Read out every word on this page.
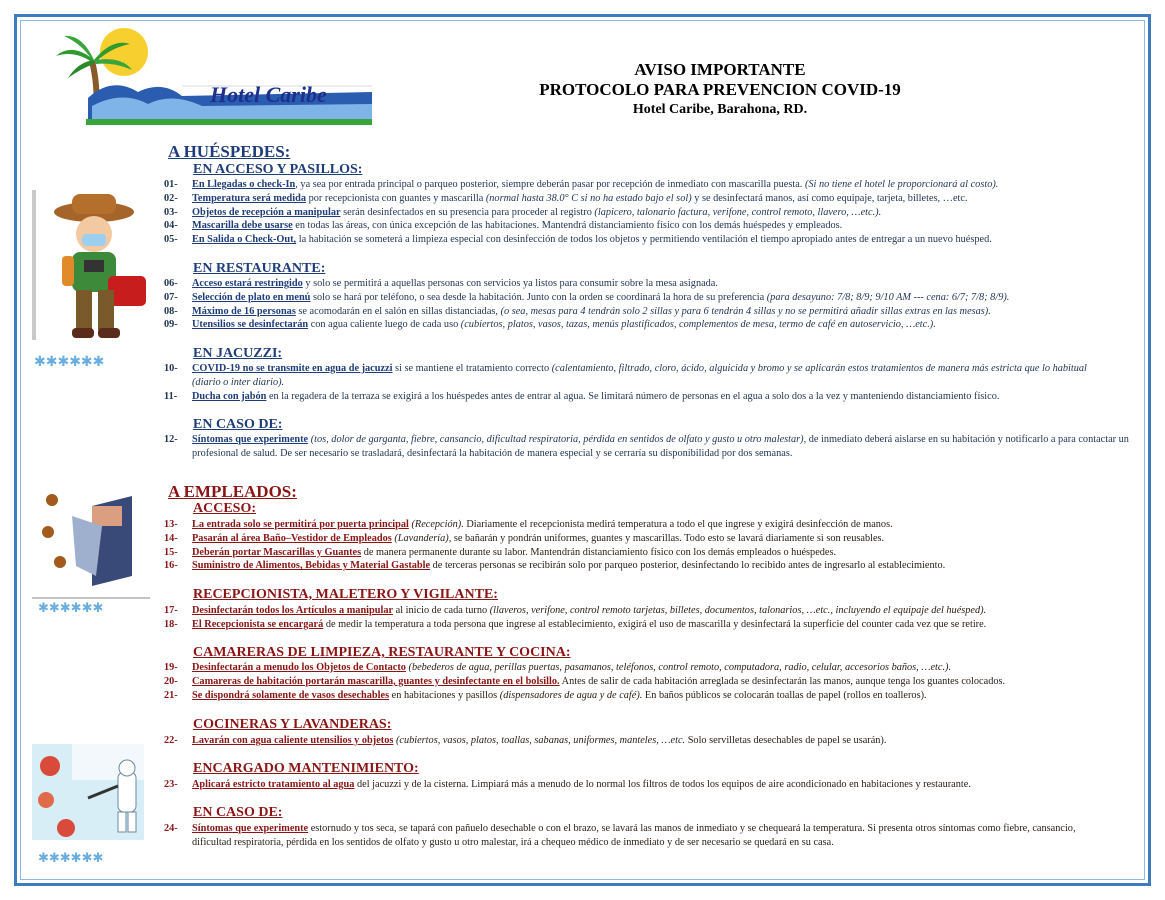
Hotel Caribe
AVISO IMPORTANTE
PROTOCOLO PARA PREVENCION COVID-19
Hotel Caribe, Barahona, RD.
✱✱✱✱✱✱
✱✱✱✱✱✱
✱✱✱✱✱✱
A HUÉSPEDES:
EN ACCESO Y PASILLOS:
01-	En Llegadas o check-In, ya sea por entrada principal o parqueo posterior, siempre deberán pasar por recepción de inmediato con mascarilla puesta. (Si no tiene el hotel le proporcionará al costo).
02-	Temperatura será medida por recepcionista con guantes y mascarilla (normal hasta 38.0° C si no ha estado bajo el sol) y se desinfectará manos, así como equipaje, tarjeta, billetes, …etc.
03-	Objetos de recepción a manipular serán desinfectados en su presencia para proceder al registro (lapicero, talonario factura, verifone, control remoto, llavero, …etc.).
04-	Mascarilla debe usarse en todas las áreas, con única excepción de las habitaciones. Mantendrá distanciamiento físico con los demás huéspedes y empleados.
05-	En Salida o Check-Out, la habitación se someterá a limpieza especial con desinfección de todos los objetos y permitiendo ventilación el tiempo apropiado antes de entregar a un nuevo huésped.
EN RESTAURANTE:
06-	Acceso estará restringido y solo se permitirá a aquellas personas con servicios ya listos para consumir sobre la mesa asignada.
07-	Selección de plato en menú solo se hará por teléfono, o sea desde la habitación. Junto con la orden se coordinará la hora de su preferencia (para desayuno: 7/8; 8/9; 9/10 AM --- cena: 6/7; 7/8; 8/9).
08-	Máximo de 16 personas se acomodarán en el salón en sillas distanciadas, (o sea, mesas para 4 tendrán solo 2 sillas y para 6 tendrán 4 sillas y no se permitirá añadir sillas extras en las mesas).
09-	Utensilios se desinfectarán con agua caliente luego de cada uso (cubiertos, platos, vasos, tazas, menús plastificados, complementos de mesa, termo de café en autoservicio, …etc.).
EN JACUZZI:
10-	COVID-19 no se transmite en agua de jacuzzi si se mantiene el tratamiento correcto (calentamiento, filtrado, cloro, ácido, alguicida y bromo y se aplicarán estos tratamientos de manera más estricta que lo habitual (diario o inter diario).
11-	Ducha con jabón en la regadera de la terraza se exigirá a los huéspedes antes de entrar al agua. Se limitará número de personas en el agua a solo dos a la vez y manteniendo distanciamiento físico.
EN CASO DE:
12-	Síntomas que experimente (tos, dolor de garganta, fiebre, cansancio, dificultad respiratoria, pérdida en sentidos de olfato y gusto u otro malestar), de inmediato deberá aislarse en su habitación y notificarlo a para contactar un profesional de salud. De ser necesario se trasladará, desinfectará la habitación de manera especial y se cerraría su disponibilidad por dos semanas.
A EMPLEADOS:
ACCESO:
13-	La entrada solo se permitirá por puerta principal (Recepción). Diariamente el recepcionista medirá temperatura a todo el que ingrese y exigirá desinfección de manos.
14-	Pasarán al área Baño–Vestidor de Empleados (Lavandería), se bañarán y pondrán uniformes, guantes y mascarillas. Todo esto se lavará diariamente si son reusables.
15-	Deberán portar Mascarillas y Guantes de manera permanente durante su labor. Mantendrán distanciamiento físico con los demás empleados o huéspedes.
16-	Suministro de Alimentos, Bebidas y Material Gastable de terceras personas se recibirán solo por parqueo posterior, desinfectando lo recibido antes de ingresarlo al establecimiento.
RECEPCIONISTA, MALETERO Y VIGILANTE:
17-	Desinfectarán todos los Artículos a manipular al inicio de cada turno (llaveros, verifone, control remoto tarjetas, billetes, documentos, talonarios, …etc., incluyendo el equipaje del huésped).
18-	El Recepcionista se encargará de medir la temperatura a toda persona que ingrese al establecimiento, exigirá el uso de mascarilla y desinfectará la superficie del counter cada vez que se retire.
CAMARERAS DE LIMPIEZA, RESTAURANTE Y COCINA:
19-	Desinfectarán a menudo los Objetos de Contacto (bebederos de agua, perillas puertas, pasamanos, teléfonos, control remoto, computadora, radio, celular, accesorios baños, …etc.).
20-	Camareras de habitación portarán mascarilla, guantes y desinfectante en el bolsillo. Antes de salir de cada habitación arreglada se desinfectarán las manos, aunque tenga los guantes colocados.
21-	Se dispondrá solamente de vasos desechables en habitaciones y pasillos (dispensadores de agua y de café). En baños públicos se colocarán toallas de papel (rollos en toalleros).
COCINERAS Y LAVANDERAS:
22-	Lavarán con agua caliente utensilios y objetos (cubiertos, vasos, platos, toallas, sabanas, uniformes, manteles, …etc. Solo servilletas desechables de papel se usarán).
ENCARGADO MANTENIMIENTO:
23-	Aplicará estricto tratamiento al agua del jacuzzi y de la cisterna. Limpiará más a menudo de lo normal los filtros de todos los equipos de aire acondicionado en habitaciones y restaurante.
EN CASO DE:
24-	Síntomas que experimente estornudo y tos seca, se tapará con pañuelo desechable o con el brazo, se lavará las manos de inmediato y se chequeará la temperatura. Si presenta otros síntomas como fiebre, cansancio, dificultad respiratoria, pérdida en los sentidos de olfato y gusto u otro malestar, irá a chequeo médico de inmediato y de ser necesario se quedará en su casa.
